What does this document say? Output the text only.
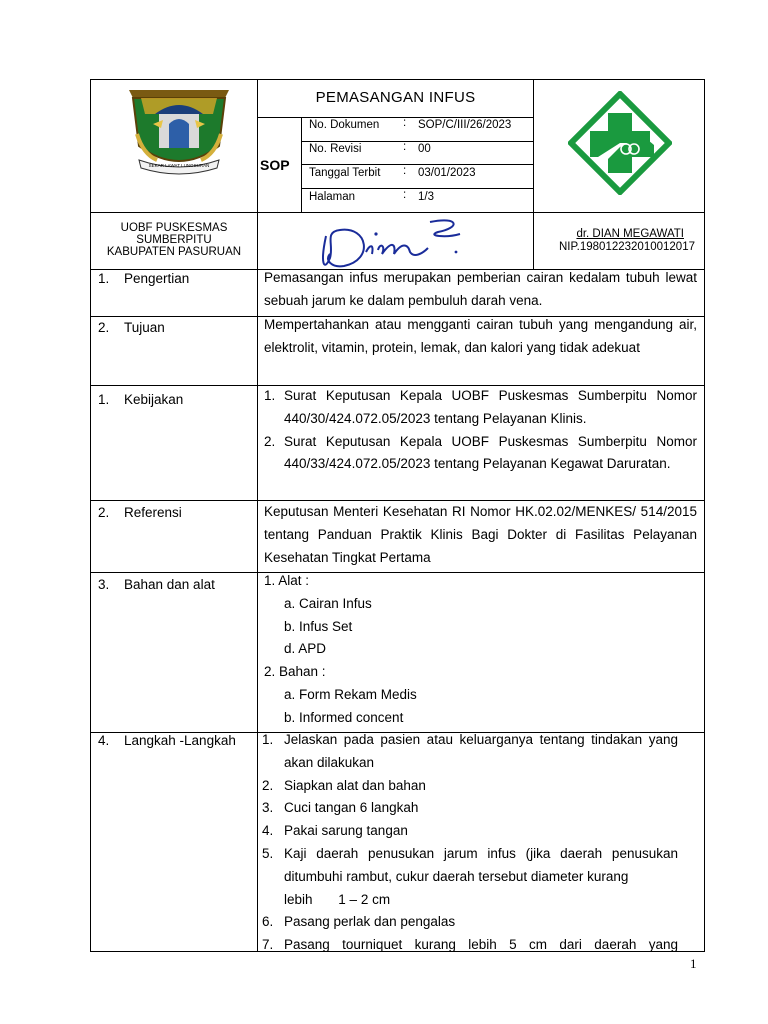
KABUPATEN PASURUAN
SEKAR LAWAT LUNGSURAN
PEMASANGAN INFUS
SOP
No. Dokumen : SOP/C/III/26/2023
No. Revisi	: 00
Tanggal Terbit : 03/01/2023
Halaman	: 1/3
UOBF PUSKESMAS
SUMBERPITU
KABUPATEN PASURUAN
dr. DIAN MEGAWATI
NIP.198012232010012017
1. Pengertian	Pemasangan infus merupakan pemberian cairan kedalam tubuh lewat sebuah jarum ke dalam pembuluh darah vena.
2. Tujuan	Mempertahankan atau mengganti cairan tubuh yang mengandung air, elektrolit, vitamin, protein, lemak, dan kalori yang tidak adekuat
1. Kebijakan	1. Surat Keputusan Kepala UOBF Puskesmas Sumberpitu Nomor 440/30/424.072.05/2023 tentang Pelayanan Klinis.
2. Surat Keputusan Kepala UOBF Puskesmas Sumberpitu Nomor 440/33/424.072.05/2023 tentang Pelayanan Kegawat Daruratan.
2. Referensi	Keputusan Menteri Kesehatan RI Nomor HK.02.02/MENKES/ 514/2015 tentang Panduan Praktik Klinis Bagi Dokter di Fasilitas Pelayanan Kesehatan Tingkat Pertama
3. Bahan dan alat	1. Alat :
a. Cairan Infus
b. Infus Set
d. APD
2. Bahan :
a. Form Rekam Medis
b. Informed concent
4. Langkah -Langkah 1. Jelaskan pada pasien atau keluarganya tentang tindakan yang akan dilakukan
2. Siapkan alat dan bahan
3. Cuci tangan 6 langkah
4. Pakai sarung tangan
5. Kaji daerah penusukan jarum infus (jika daerah penusukan ditumbuhi rambut, cukur daerah tersebut diameter kurang
lebih 1 – 2 cm
6. Pasang perlak dan pengalas
7. Pasang tourniquet kurang lebih 5 cm dari daerah yang
1
